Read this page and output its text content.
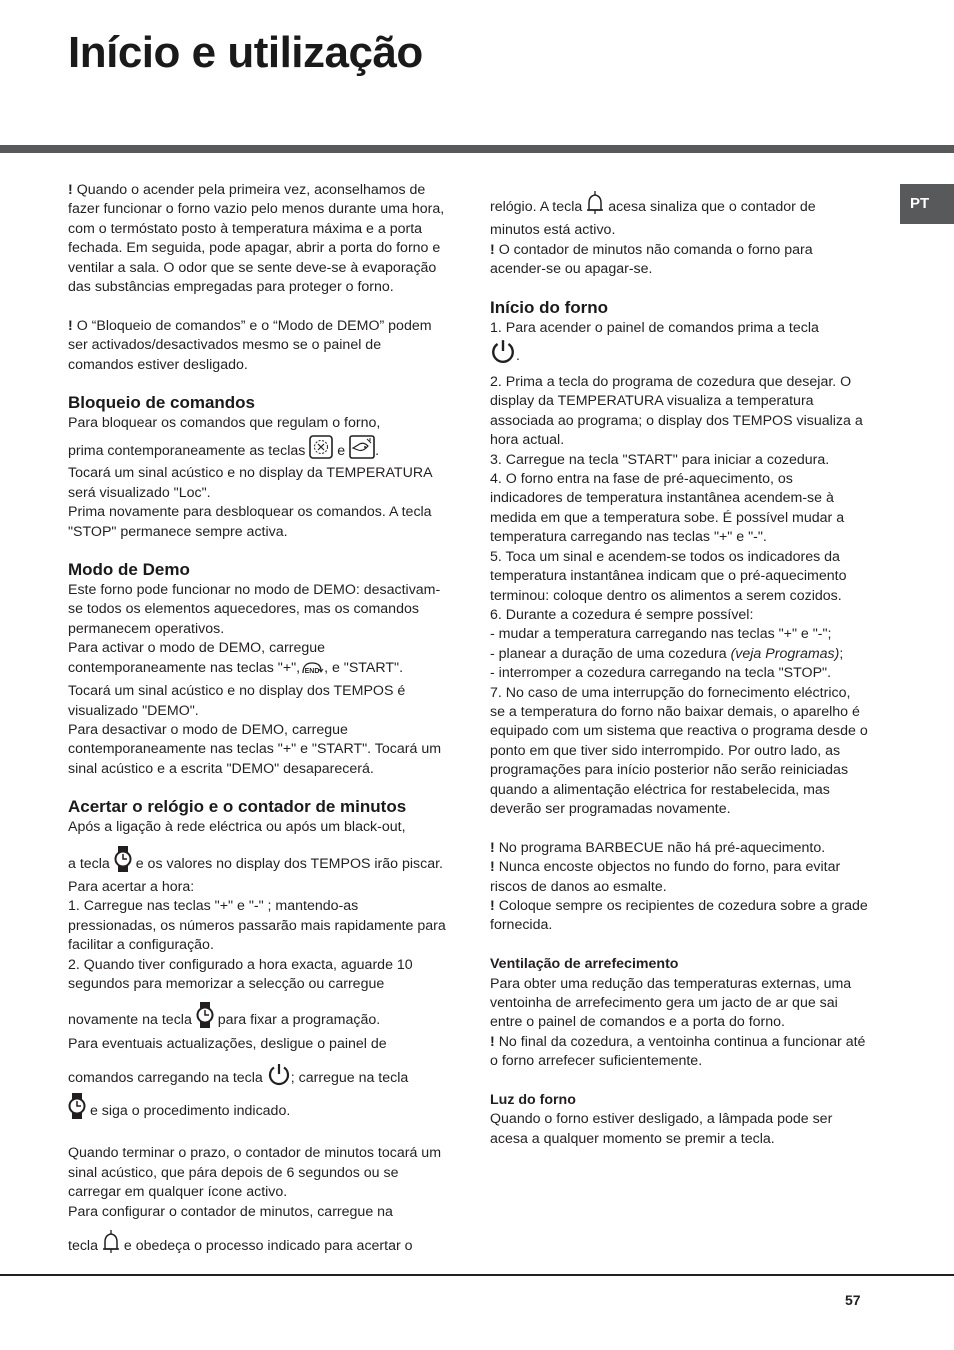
Início e utilização
PT

! Quando o acender pela primeira vez, aconselhamos de fazer funcionar o forno vazio pelo menos durante uma hora, com o termóstato posto à temperatura máxima e a porta fechada. Em seguida, pode apagar, abrir a porta do forno e ventilar a sala. O odor que se sente deve-se à evaporação das substâncias empregadas para proteger o forno.

! O “Bloqueio de comandos” e o “Modo de DEMO” podem ser activados/desactivados mesmo se o painel de comandos estiver desligado.

Bloqueio de comandos

Para bloquear os comandos que regulam o forno,

prima contemporaneamente as teclas e .

Tocará um sinal acústico e no display da TEMPERATURA será visualizado "Loc".

Prima novamente para desbloquear os comandos. A tecla "STOP" permanece sempre activa.

Modo de Demo

Este forno pode funcionar no modo de DEMO: desactivam-se todos os elementos aquecedores, mas os comandos permanecem operativos.

Para activar o modo de DEMO, carregue contemporaneamente nas teclas "+", END , e "START".

Tocará um sinal acústico e no display dos TEMPOS é visualizado "DEMO".

Para desactivar o modo de DEMO, carregue contemporaneamente nas teclas "+" e "START". Tocará um sinal acústico e a escrita "DEMO" desaparecerá.

Acertar o relógio e o contador de minutos

Após a ligação à rede eléctrica ou após um black-out,

a tecla e os valores no display dos TEMPOS irão piscar.

Para acertar a hora:

1. Carregue nas teclas "+" e "-" ; mantendo-as pressionadas, os números passarão mais rapidamente para facilitar a configuração.

2. Quando tiver configurado a hora exacta, aguarde 10 segundos para memorizar a selecção ou carregue

novamente na tecla para fixar a programação.

Para eventuais actualizações, desligue o painel de

comandos carregando na tecla ; carregue na tecla

e siga o procedimento indicado.

Quando terminar o prazo, o contador de minutos tocará um sinal acústico, que pára depois de 6 segundos ou se carregar em qualquer ícone activo.

Para configurar o contador de minutos, carregue na

tecla e obedeça o processo indicado para acertar o

relógio. A tecla acesa sinaliza que o contador de minutos está activo.

! O contador de minutos não comanda o forno para acender-se ou apagar-se.

Início do forno

1. Para acender o painel de comandos prima a tecla

.

2. Prima a tecla do programa de cozedura que desejar. O display da TEMPERATURA visualiza a temperatura associada ao programa; o display dos TEMPOS visualiza a hora actual.

3. Carregue na tecla "START" para iniciar a cozedura.

4. O forno entra na fase de pré-aquecimento, os indicadores de temperatura instantânea acendem-se à medida em que a temperatura sobe. É possível mudar a temperatura carregando nas teclas "+" e "-".

5. Toca um sinal e acendem-se todos os indicadores da temperatura instantânea indicam que o pré-aquecimento terminou: coloque dentro os alimentos a serem cozidos.

6. Durante a cozedura é sempre possível:

- mudar a temperatura carregando nas teclas "+" e "-";

- planear a duração de uma cozedura (veja Programas);

- interromper a cozedura carregando na tecla "STOP".

7. No caso de uma interrupção do fornecimento eléctrico, se a temperatura do forno não baixar demais, o aparelho é equipado com um sistema que reactiva o programa desde o ponto em que tiver sido interrompido. Por outro lado, as programações para início posterior não serão reiniciadas quando a alimentação eléctrica for restabelecida, mas deverão ser programadas novamente.

! No programa BARBECUE não há pré-aquecimento.

! Nunca encoste objectos no fundo do forno, para evitar riscos de danos ao esmalte.

! Coloque sempre os recipientes de cozedura sobre a grade fornecida.

Ventilação de arrefecimento

Para obter uma redução das temperaturas externas, uma ventoinha de arrefecimento gera um jacto de ar que sai entre o painel de comandos e a porta do forno.

! No final da cozedura, a ventoinha continua a funcionar até o forno arrefecer suficientemente.

Luz do forno

Quando o forno estiver desligado, a lâmpada pode ser acesa a qualquer momento se premir a tecla.

57
